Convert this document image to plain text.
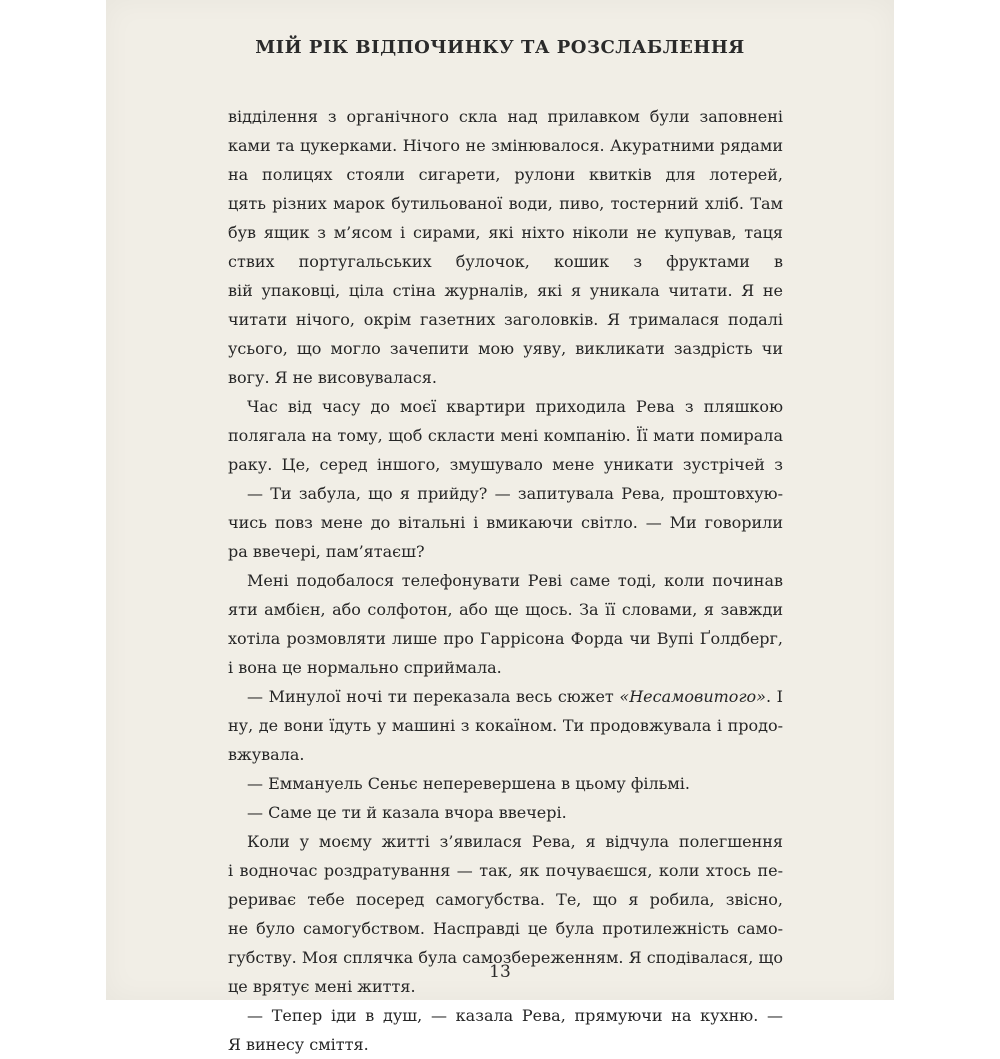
МІЙ РІК ВІДПОЧИНКУ ТА РОЗСЛАБЛЕННЯ
відділення з органічного скла над прилавком були заповнені
ками та цукерками. Нічого не змінювалося. Акуратними рядами
на полицях стояли сигарети, рулони квитків для лотерей,
цять різних марок бутильованої води, пиво, тостерний хліб. Там
був ящик з м’ясом і сирами, які ніхто ніколи не купував, таця
ствих португальських булочок, кошик з фруктами в
вій упаковці, ціла стіна журналів, які я уникала читати. Я не
читати нічого, окрім газетних заголовків. Я трималася подалі
усього, що могло зачепити мою уяву, викликати заздрість чи
вогу. Я не висовувалася.
Час від часу до моєї квартири приходила Рева з пляшкою
полягала на тому, щоб скласти мені компанію. Її мати помирала
раку. Це, серед іншого, змушувало мене уникати зустрічей з
— Ти забула, що я прийду? — запитувала Рева, проштовхую-
чись повз мене до вітальні і вмикаючи світло. — Ми говорили
ра ввечері, пам’ятаєш?
Мені подобалося телефонувати Реві саме тоді, коли починав
яти амбієн, або солфотон, або ще щось. За її словами, я завжди
хотіла розмовляти лише про Гаррісона Форда чи Вупі Ґолдберг,
і вона це нормально сприймала.
— Минулої ночі ти переказала весь сюжет «Несамовитого». І
ну, де вони їдуть у машині з кокаїном. Ти продовжувала і продо-
вжувала.
— Еммануель Сеньє неперевершена в цьому фільмі.
— Саме це ти й казала вчора ввечері.
Коли у моєму житті з’явилася Рева, я відчула полегшення
і водночас роздратування — так, як почуваєшся, коли хтось пе-
рериває тебе посеред самогубства. Те, що я робила, звісно,
не було самогубством. Насправді це була протилежність само-
губству. Моя сплячка була самозбереженням. Я сподівалася, що
це врятує мені життя.
— Тепер іди в душ, — казала Рева, прямуючи на кухню. —
Я винесу сміття.
13
